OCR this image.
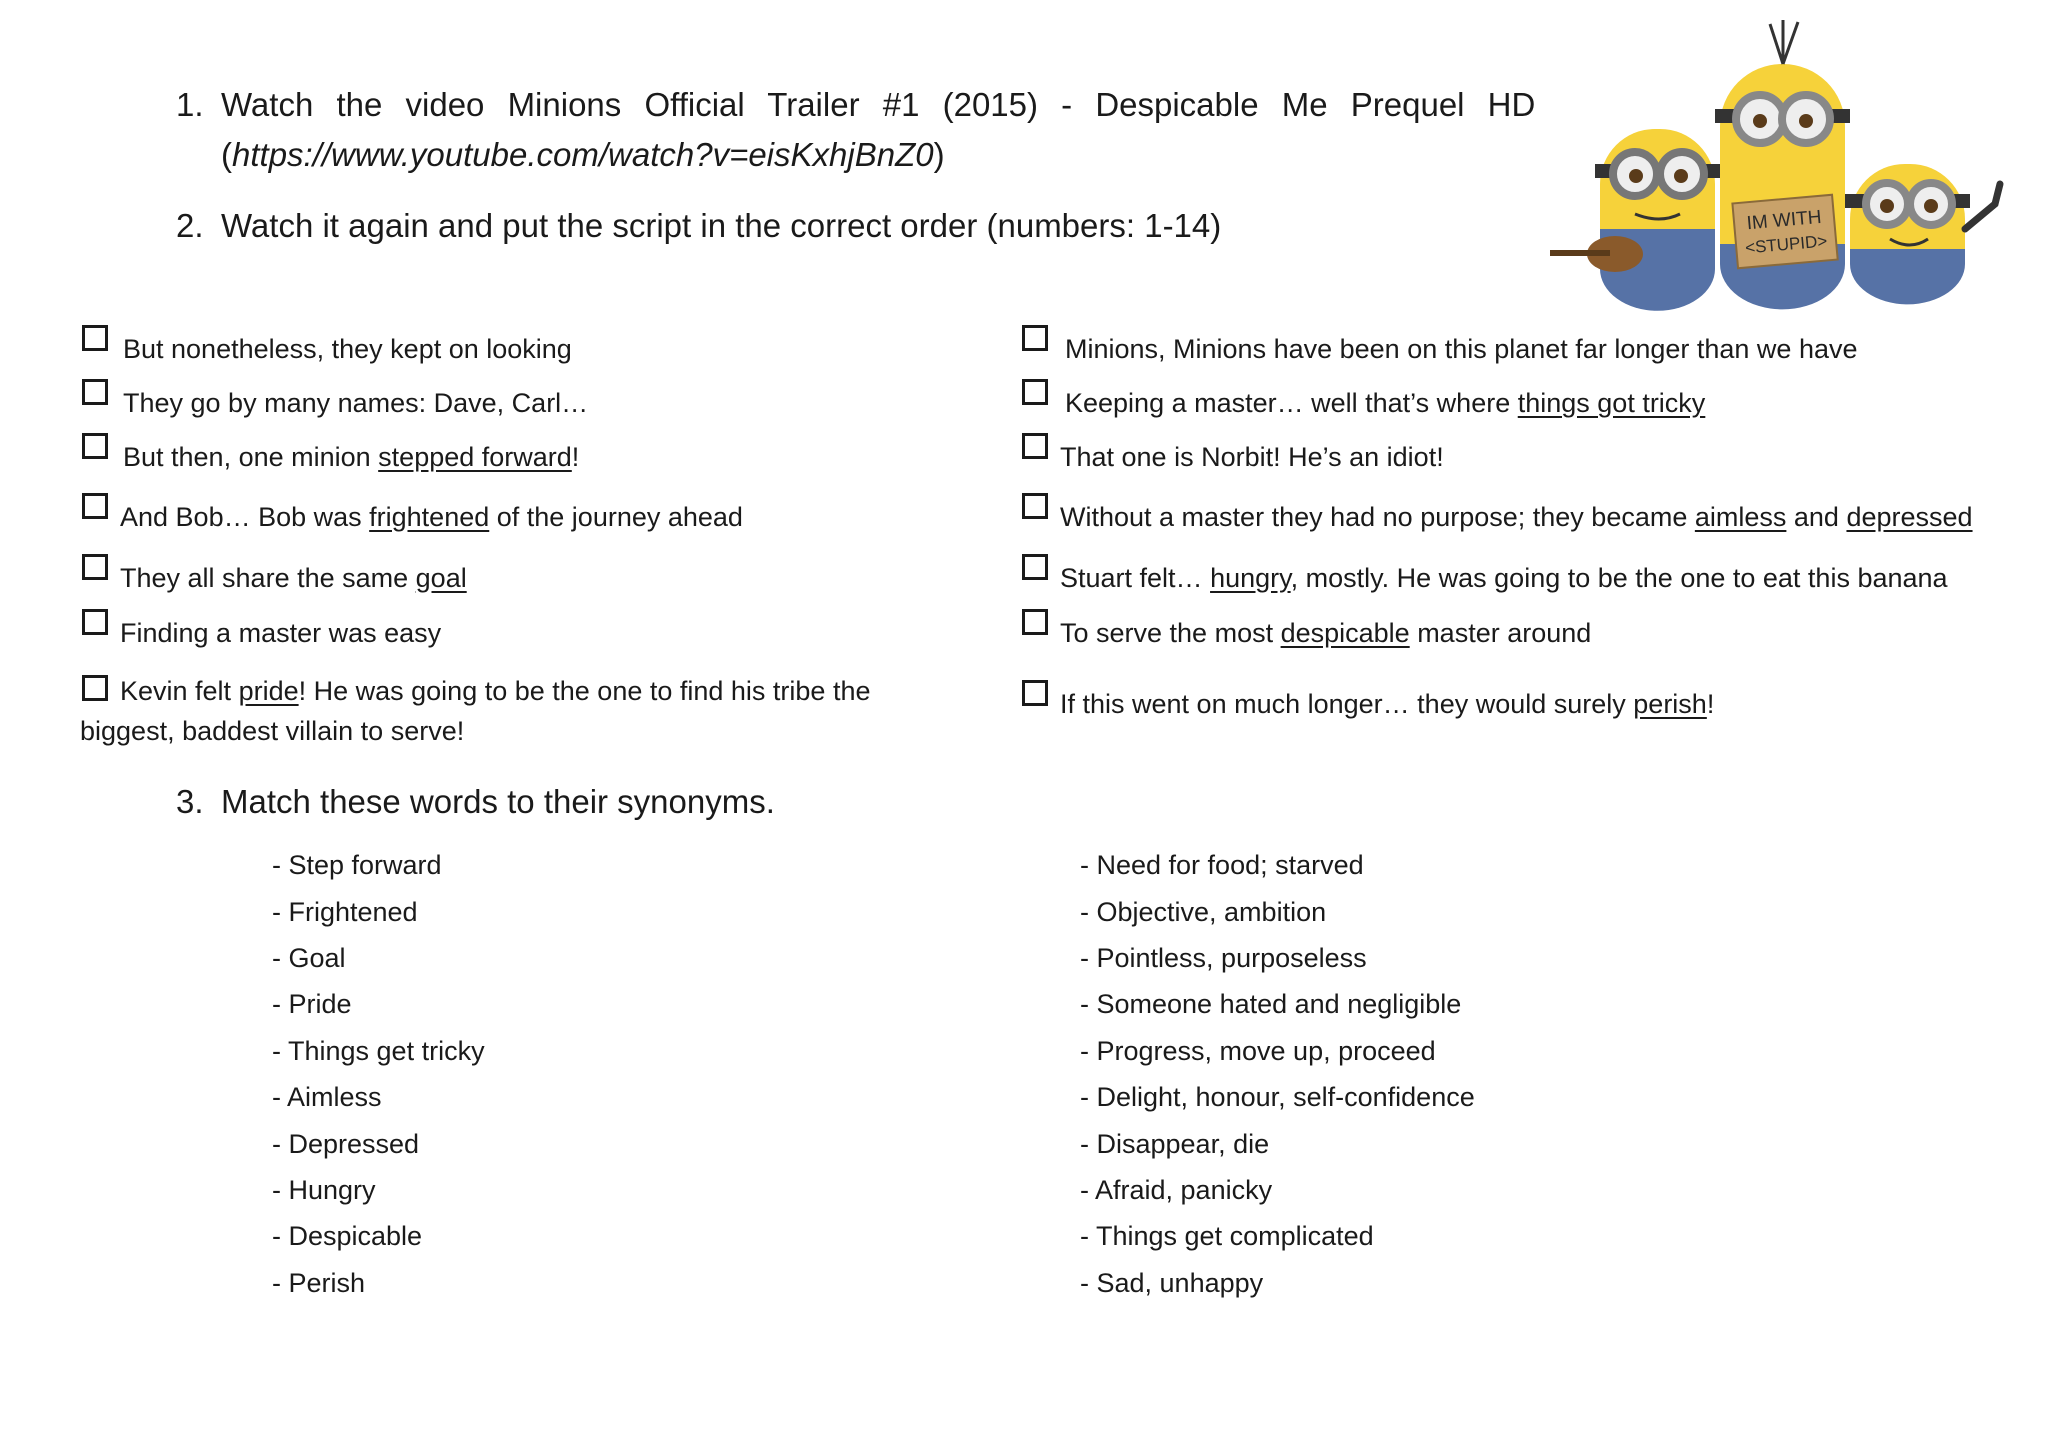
1. Watch the video Minions Official Trailer #1 (2015) - Despicable Me Prequel HD
(https://www.youtube.com/watch?v=eisKxhjBnZ0)
2. Watch it again and put the script in the correct order (numbers: 1-14)	IM WITH
<STUPID>
But nonetheless, they kept on looking
They go by many names: Dave, Carl…
But then, one minion stepped forward!
And Bob… Bob was frightened of the journey ahead
They all share the same goal
Finding a master was easy
Kevin felt pride! He was going to be the one to find his tribe the biggest, baddest villain to serve!
Minions, Minions have been on this planet far longer than we have
Keeping a master… well that’s where things got tricky
That one is Norbit! He’s an idiot!
Without a master they had no purpose; they became aimless and depressed
Stuart felt… hungry, mostly. He was going to be the one to eat this banana
To serve the most despicable master around
If this went on much longer… they would surely perish!
3. Match these words to their synonyms.
- Step forward
- Frightened
- Goal
- Pride
- Things get tricky
- Aimless
- Depressed
- Hungry
- Despicable
- Perish
- Need for food; starved
- Objective, ambition
- Pointless, purposeless
- Someone hated and negligible
- Progress, move up, proceed
- Delight, honour, self-confidence
- Disappear, die
- Afraid, panicky
- Things get complicated
- Sad, unhappy
